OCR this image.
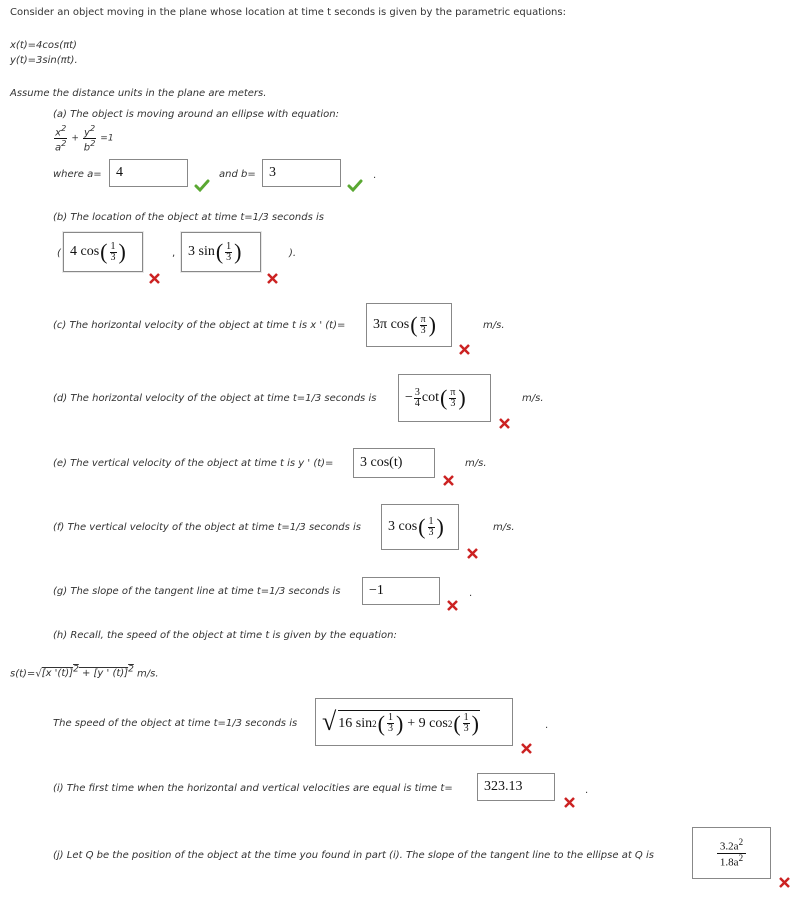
Consider an object moving in the plane whose location at time t seconds is given by the parametric equations:
x(t)=4cos(πt)
y(t)=3sin(πt).
Assume the distance units in the plane are meters.
(a) The object is moving around an ellipse with equation:
$\frac{x^2}{a^2} + \frac{y^2}{b^2} =1$
where a=	4	and b= 3	.
(b) The location of the object at time t=1/3 seconds is
( 4 cos ( $\frac{1}{3}$ )	, 3 sin ( $\frac{1}{3}$ )	).
(c) The horizontal velocity of the object at time t is x ' (t)= 3π cos ( $\frac{\pi}{3}$ )	m/s.
(d) The horizontal velocity of the object at time t=1/3 seconds is − $\frac{3}{4}$ cot ( $\frac{\pi}{3}$ )	m/s.
(e) The vertical velocity of the object at time t is y ' (t)=	3 cos(t)	m/s.
(f) The vertical velocity of the object at time t=1/3 seconds is 3 cos ( $\frac{1}{3}$ )	m/s.
(g) The slope of the tangent line at time t=1/3 seconds is	−1	.
(h) Recall, the speed of the object at time t is given by the equation:
s(t)=√[x '(t)]2 + [y ' (t)]2 m/s.
The speed of the object at time t=1/3 seconds is √ 16 sin 2 ( $\frac{1}{3}$ ) + 9 cos 2 ( $\frac{1}{3}$ )	.
(i) The first time when the horizontal and vertical velocities are equal is time t=	323.13	.
(j) Let Q be the position of the object at the time you found in part (i). The slope of the tangent line to the ellipse at Q is	$\frac{3.2a^2}{1.8a^2}$
